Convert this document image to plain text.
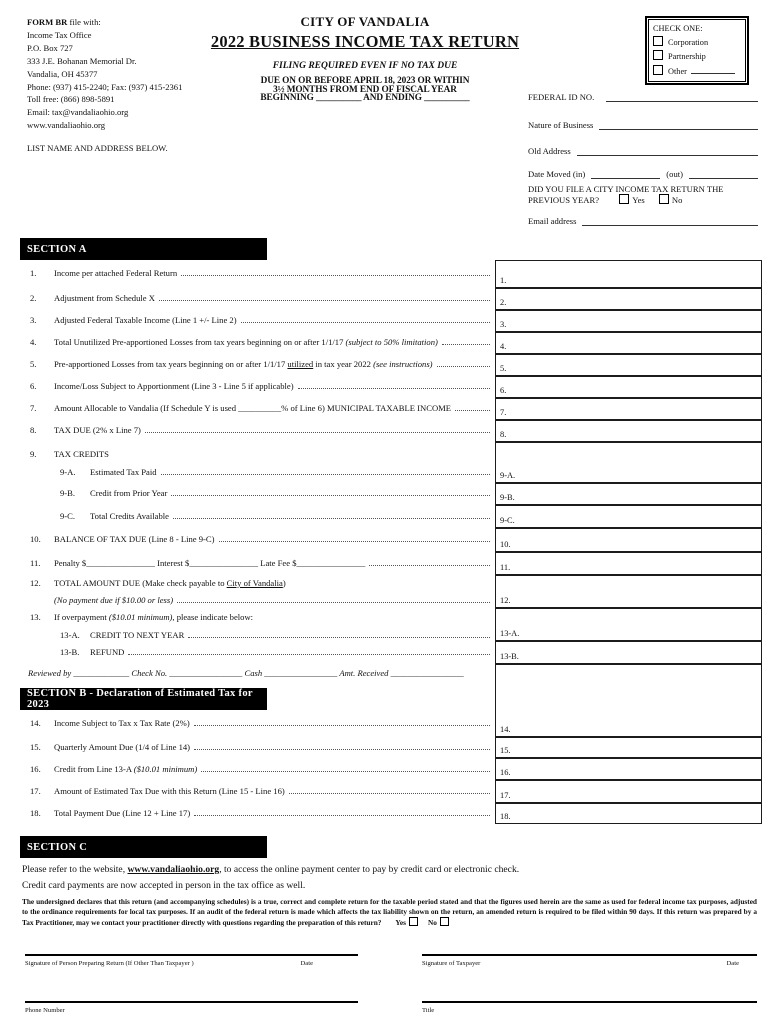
FORM BR file with:
Income Tax Office
P.O. Box 727
333 J.E. Bohanan Memorial Dr.
Vandalia, OH 45377
Phone: (937) 415-2240; Fax: (937) 415-2361
Toll free: (866) 898-5891
Email: tax@vandaliaohio.org
www.vandaliaohio.org
LIST NAME AND ADDRESS BELOW.
CITY OF VANDALIA
2022 BUSINESS INCOME TAX RETURN
FILING REQUIRED EVEN IF NO TAX DUE
DUE ON OR BEFORE APRIL 18, 2023 OR WITHIN
3½ MONTHS FROM END OF FISCAL YEAR
BEGINNING __________ AND ENDING __________
CHECK ONE:
Corporation
Partnership
Other
FEDERAL ID NO.
Nature of Business
Old Address
Date Moved (in)	(out)
DID YOU FILE A CITY INCOME TAX RETURN THE
PREVIOUS YEAR?	Yes	No
Email address
SECTION A
1.	Income per attached Federal Return
2.	Adjustment from Schedule X
3.	Adjusted Federal Taxable Income (Line 1 +/- Line 2)
4.	Total Unutilized Pre-apportioned Losses from tax years beginning on or after 1/1/17 (subject to 50% limitation)
5.	Pre-apportioned Losses from tax years beginning on or after 1/1/17 utilized in tax year 2022 (see instructions)
6.	Income/Loss Subject to Apportionment (Line 3 - Line 5 if applicable)
7.	Amount Allocable to Vandalia (If Schedule Y is used __________% of Line 6) MUNICIPAL TAXABLE INCOME
8.	TAX DUE (2% x Line 7)
9.	TAX CREDITS
9-A.	Estimated Tax Paid
9-B.	Credit from Prior Year
9-C.	Total Credits Available
10.	BALANCE OF TAX DUE (Line 8 - Line 9-C)
11.	Penalty $________________ Interest $________________ Late Fee $________________
12.	TOTAL AMOUNT DUE (Make check payable to City of Vandalia)
(No payment due if $10.00 or less)
13.	If overpayment ($10.01 minimum), please indicate below:
13-A.	CREDIT TO NEXT YEAR
13-B.	REFUND
Reviewed by _____________ Check No. _________________ Cash _________________ Amt. Received _________________
SECTION B - Declaration of Estimated Tax for 2023
14.	Income Subject to Tax x Tax Rate (2%)
15.	Quarterly Amount Due (1/4 of Line 14)
16.	Credit from Line 13-A ($10.01 minimum)
17.	Amount of Estimated Tax Due with this Return (Line 15 - Line 16)
18.	Total Payment Due (Line 12 + Line 17)
1.
2.
3.
4.
5.
6.
7.
8.
9-A.
9-B.
9-C.
10.
11.
12.
13-A.
13-B.
14.
15.
16.
17.
18.
SECTION C
Please refer to the website, www.vandaliaohio.org, to access the online payment center to pay by credit card or electronic check.
Credit card payments are now accepted in person in the tax office as well.
The undersigned declares that this return (and accompanying schedules) is a true, correct and complete return for the taxable period stated and that the figures used herein are the same as used for federal income tax purposes, adjusted to the ordinance requirements for local tax purposes. If an audit of the federal return is made which affects the tax liability shown on the return, an amended return is required to be filed within 90 days. If this return was prepared by a Tax Practitioner, may we contact your practitioner directly with questions regarding the preparation of this return? Yes	No
Signature of Person Preparing Return (If Other Than Taxpayer )	Date	Signature of Taxpayer	Date
Phone Number	Title
